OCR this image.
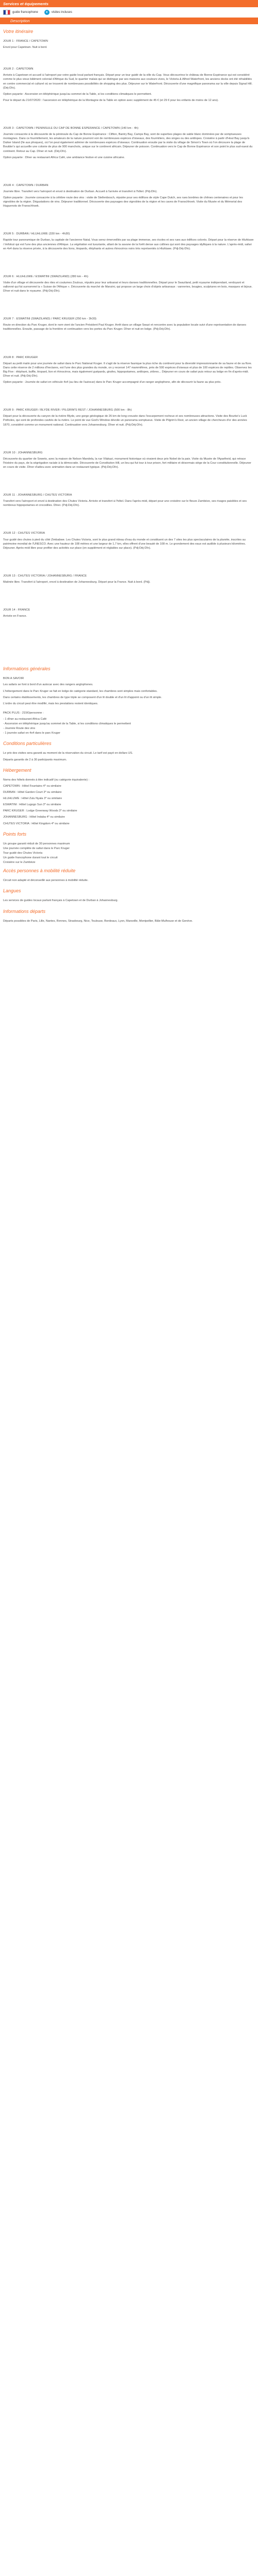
Services et équipements
guide francophone	●	visites incluses
Description
Votre itinéraire
JOUR 1 : FRANCE / CAPETOWN

Envol pour Capetown. Nuit à bord.

JOUR 2 : CAPETOWN

Arrivée à Capetown et accueil à l'aéroport par votre guide local parlant français. Départ pour un tour guidé de la ville du Cap. Vous découvrirez le château de Bonne Espérance qui est considéré comme le plus vieux bâtiment colonial d'Afrique du Sud, le quartier malais qui se distingue par ses maisons aux couleurs vives, le Victoria & Alfred Waterfront, les anciens docks ont été réhabilités en centre commercial et culturel où se trouvent de nombreuses possibilités de shopping des plus. Déjeuner sur le Waterfront. Découverte d'une magnifique panorama sur la ville depuis Signal Hill. (Déj-Dîn).

Option payante : Ascension en téléphérique jusqu'au sommet de la Table, si les conditions climatiques le permettent.

Pour le départ du 21/07/2020 : l'ascension en téléphérique de la Montagne de la Table en option avec supplément de 45 € (et 29 € pour les enfants de moins de 12 ans).

JOUR 3 : CAPETOWN / PENINSULE DU CAP DE BONNE ESPERANCE / CAPETOWN (140 km - 4h)

Journée consacrée à la découverte de la péninsule du Cap de Bonne Espérance : Clifton, Bantry Bay, Camps Bay, sont de superbes plages de sable blanc dominées par de somptueuses montagnes. Dans ce fourmillement, les amateurs de la nature pourront voir de nombreuses espèces d'oiseaux, des fourmiliers, des singes ou des antilopes. Croisière à partir d'Hout Bay jusqu'à Duiker Island (île aux phoques), où l'on peut également admirer de nombreuses espèces d'oiseaux. Continuation ensuite par la visite du village de Simon's Town où l'on découvre la plage de Boulder's qui accueille une colonie de plus de 900 manchots, unique sur le continent africain. Déjeuner de poisson. Continuation vers le Cap de Bonne Espérance et son point le plus sud-ouest du continent. Retour au Cap. Dîner et nuit. (Déj-Dîn).

Option payante : Dîner au restaurant Africa Café, une ambiance festive et une cuisine africaine.

JOUR 4 : CAPETOWN / DURBAN

Journée libre. Transfert vers l'aéroport et envol à destination de Durban. Accueil à l'arrivée et transfert à l'hôtel. (Pdj-Dîn).

Option payante : Journée consacrée à la célèbre route des vins : visite de Stellenbosch, réputée pour ses édifices de style Cape Dutch, ses rues bordées de chênes centenaires et pour les vignobles de la région. Dégustations de vins. Déjeuner traditionnel. Découverte des paysages des vignobles de la région et les caves de Franschhoek. Visite du Musée et du Mémorial des Huguenots de Franschhoek.

JOUR 5 : DURBAN / HLUHLUWE (330 km - 4h30)

Rapide tour panoramique de Durban, la capitale de l'ancienne Natal, Vous serez émerveillés par sa plage immense, ses écoles et ses rues aux édifices colorés. Départ pour la réserve de Hluhluwe / Imfolozi qui est l'une des plus anciennes d'Afrique. La végétation est luxuriante, allant de la savane de la forêt dense aux collines qui sont des paysages idylliques à la nature. L'après-midi, safari en 4x4 dans la réserve privée, à la découverte des lions, léopards, éléphants et autres rhinocéros noirs très représentés à Hluhluwe. (Pdj-Déj-Dîn).

JOUR 6 : HLUHLUWE / ESWATINI (SWAZILAND) (280 km - 4h)

Visite d'un village et découverte des rites et coutumes Zoulous, réputés pour leur artisanat et leurs danses traditionnelles. Départ pour le Swaziland, petit royaume indépendant, verdoyant et vallonné qui fut surnommé la « Suisse de l'Afrique ». Découverte du marché de Manzini, qui propose un large choix d'objets artisanaux : vanneries, bougies, sculptures en bois, masques et bijoux. Dîner et nuit dans le royaume. (Pdj-Déj-Dîn).

JOUR 7 : ESWATINI (SWAZILAND) / PARC KRUGER (250 km - 3h30)

Route en direction du Parc Kruger, dont le nom vient de l'ancien Président Paul Kruger. Arrêt dans un village Swazi et rencontre avec la population locale suivi d'une représentation de danses traditionnelles. Ensuite, passage de la frontière et continuation vers les portes du Parc Kruger. Dîner et nuit en lodge. (Pdj-Déj-Dîn).

JOUR 8 : PARC KRUGER

Départ au petit matin pour une journée de safari dans le Parc National Kruger. Il s'agit de la réserve faunique la plus riche du continent pour la diversité impressionnante de sa faune et de sa flore. Dans cette réserve de 2 millions d'hectares, est l'une des plus grandes du monde, on y recensé 147 mammifères, près de 500 espèces d'oiseaux et plus de 100 espèces de reptiles. Observez les Big Five : éléphant, buffle, léopard, lion et rhinocéros, mais également guépards, girafes, hippopotames, antilopes, zèbres... Déjeuner en cours de safari puis retour au lodge en fin d'après-midi. Dîner et nuit. (Pdj-Déj-Dîn).

Option payante : Journée de safari en véhicule 4x4 (au lieu de l'autocar) dans le Parc Kruger accompagné d'un ranger anglophone, afin de découvrir la faune au plus près.

JOUR 9 : PARC KRUGER / BLYDE RIVER / PILGRIM'S REST / JOHANNESBURG (500 km - 8h)

Départ pour la découverte du canyon de la rivière Blyde, une gorge géologique de 26 km de long creusée dans l'escarpement rocheux et ses nombreuses attractions. Visite des Bourke's Luck Potholes, qui sont de profondes cavités de la rivière. Le point de vue God's Window dévoile un panorama somptueux. Visite de Pilgrim's Rest, un ancien village de chercheurs d'or des années 1870, considéré comme un monument national. Continuation vers Johannesburg. Dîner et nuit. (Pdj-Déj-Dîn).

JOUR 10 : JOHANNESBURG

Découverte du quartier de Soweto, avec la maison de Nelson Mandela, la rue Vilakazi, monument historique où vivaient deux prix Nobel de la paix. Visite du Musée de l'Apartheid, qui retrace l'histoire du pays, de la ségrégation raciale à la démocratie. Découverte de Constitution Hill, un lieu qui fut tour à tour prison, fort militaire et désormais siège de la Cour constitutionnelle. Déjeuner en cours de visite. Dîner d'adieu avec animation dans un restaurant typique. (Pdj-Déj-Dîn).

JOUR 11 : JOHANNESBURG / CHUTES VICTORIA

Transfert vers l'aéroport et envol à destination des Chutes Victoria. Arrivée et transfert à l'hôtel. Dans l'après-midi, départ pour une croisière sur le fleuve Zambèze, ses rivages paisibles et ses nombreux hippopotames et crocodiles. Dîner. (Pdj-Déj-Dîn).

JOUR 12 : CHUTES VICTORIA

Tour guidé des chutes à pied du côté Zimbabwe. Les Chutes Victoria, sont le plus grand rideau d'eau du monde et constituent un des 7 sites les plus spectaculaires de la planète, inscrites au patrimoine mondial de l'UNESCO. Avec une hauteur de 108 mètres et une largeur de 1,7 km, elles offrent d'une beauté de 108 m. Le grondement des eaux est audible à plusieurs kilomètres. Déjeuner. Après-midi libre pour profiter des activités sur place (en supplément et réglables sur place). (Pdj-Déj-Dîn).

JOUR 13 : CHUTES VICTORIA / JOHANNESBURG / FRANCE

Matinée libre. Transfert à l'aéroport, envol à destination de Johannesburg. Départ pour la France. Nuit à bord. (Pdj).

JOUR 14 : FRANCE

Arrivée en France.

Informations générales
BON A SAVOIR

Les safaris se font à bord d'un autocar avec des rangers anglophones.

L'hébergement dans le Parc Kruger se fait en lodge de catégorie standard, les chambres sont simples mais confortables.

Dans certains établissements, les chambres de type triple se composent d'un lit double et d'un lit d'appoint ou d'un lit simple.

L'ordre du circuit peut être modifié, mais les prestations restent identiques.

PACK PLUS : 215€/personne :
- 1 dîner au restaurant Africa Café
- Ascension en téléphérique jusqu'au sommet de la Table, si les conditions climatiques le permettent
- Journée Route des vins
- 1 journée safari en 4x4 dans le parc Kruger
Conditions particulières

Le prix des visites sera garanti au moment de la réservation du circuit. Le tarif est payé en dollars US.

Départs garantis de 2 à 30 participants maximum.

Hébergement

Noms des hôtels donnés à titre indicatif (ou catégorie équivalente) :

CAPETOWN : Hôtel Fountains 4* ou similaire

DURBAN : Hôtel Garden Court 3* ou similaire

HLUHLUWE : Hôtel Zulu Nyala 3* ou similaire

ESWATINI : Hôtel Lugogo Sun 3* ou similaire

PARC KRUGER : Lodge Greenway Woods 3* ou similaire

JOHANNESBURG : Hôtel Indaba 4* ou similaire

CHUTES VICTORIA : Hôtel Kingdom 4* ou similaire

Points forts
Un groupe garanti réduit de 30 personnes maximum
Une journée complète de safari dans le Parc Kruger
Tour guidé des Chutes Victoria
Un guide francophone durant tout le circuit
Croisière sur le Zambèze
Accès personnes à mobilité réduite

Circuit non adapté et déconseillé aux personnes à mobilité réduite.

Langues

Les services de guides locaux parlant français à Capetown et de Durban à Johannesburg.

Informations départs

Départs possibles de Paris, Lille, Nantes, Rennes, Strasbourg, Nice, Toulouse, Bordeaux, Lyon, Marseille, Montpellier, Bâle-Mulhouse et de Genève.
